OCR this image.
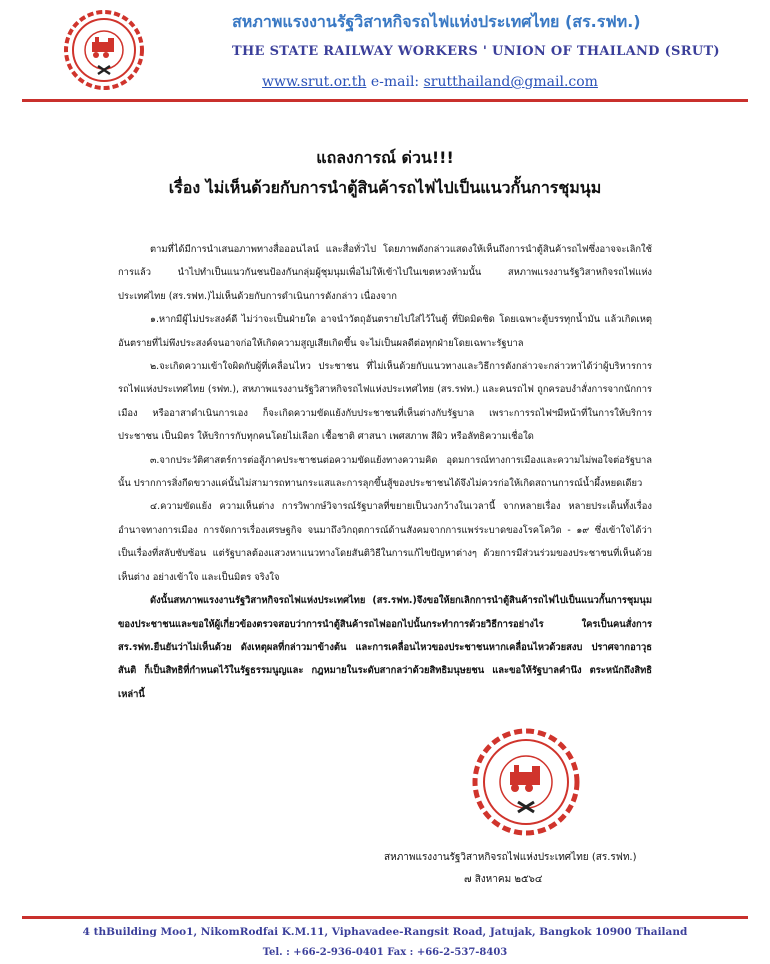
สหภาพแรงงานรัฐวิสาหกิจรถไฟแห่งประเทศไทย (สร.รฟท.)
THE STATE RAILWAY WORKERS ' UNION OF THAILAND (SRUT)
www.srut.or.th e-mail: srutthailand@gmail.com
แถลงการณ์ ด่วน!!!
เรื่อง ไม่เห็นด้วยกับการนำตู้สินค้ารถไฟไปเป็นแนวกั้นการชุมนุม

ตามที่ได้มีการนำเสนอภาพทางสื่อออนไลน์ และสื่อทั่วไป โดยภาพดังกล่าวแสดงให้เห็นถึงการนำตู้สินค้ารถไฟซึ่งอาจจะเลิกใช้การแล้ว นำไปทำเป็นแนวกันชนป้องกันกลุ่มผู้ชุมนุมเพื่อไม่ให้เข้าไปในเขตหวงห้ามนั้น สหภาพแรงงานรัฐวิสาหกิจรถไฟแห่งประเทศไทย (สร.รฟท.)ไม่เห็นด้วยกับการดำเนินการดังกล่าว เนื่องจาก

๑.หากมีผู้ไม่ประสงค์ดี ไม่ว่าจะเป็นฝ่ายใด อาจนำวัตถุอันตรายไปใส่ไว้ในตู้ ที่ปิดมิดชิด โดยเฉพาะตู้บรรทุกน้ำมัน แล้วเกิดเหตุอันตรายที่ไม่พึงประสงค์จนอาจก่อให้เกิดความสูญเสียเกิดขึ้น จะไม่เป็นผลดีต่อทุกฝ่ายโดยเฉพาะรัฐบาล

๒.จะเกิดความเข้าใจผิดกับผู้ที่เคลื่อนไหว ประชาชน ที่ไม่เห็นด้วยกับแนวทางและวิธีการดังกล่าวจะกล่าวหาได้ว่าผู้บริหารการรถไฟแห่งประเทศไทย (รฟท.), สหภาพแรงงานรัฐวิสาหกิจรถไฟแห่งประเทศไทย (สร.รฟท.) และคนรถไฟ ถูกครอบงำสั่งการจากนักการเมือง หรืออาสาดำเนินการเอง ก็จะเกิดความขัดแย้งกับประชาชนที่เห็นต่างกับรัฐบาล เพราะการรถไฟฯมีหน้าที่ในการให้บริการประชาชน เป็นมิตร ให้บริการกับทุกคนโดยไม่เลือก เชื้อชาติ ศาสนา เพศสภาพ สีผิว หรือลัทธิความเชื่อใด

๓.จากประวัติศาสตร์การต่อสู้ภาคประชาชนต่อความขัดแย้งทางความคิด อุดมการณ์ทางการเมืองและความไม่พอใจต่อรัฐบาลนั้น ปรากการสิ่งกีดขวางแค่นั้นไม่สามารถทานกระแสและการลุกขึ้นสู้ของประชาชนได้จึงไม่ควรก่อให้เกิดสถานการณ์น้ำผึ้งหยดเดียว

๔.ความขัดแย้ง ความเห็นต่าง การวิพากษ์วิจารณ์รัฐบาลที่ขยายเป็นวงกว้างในเวลานี้ จากหลายเรื่อง หลายประเด็นทั้งเรื่องอำนาจทางการเมือง การจัดการเรื่องเศรษฐกิจ จนมาถึงวิกฤตการณ์ด้านสังคมจากการแพร่ระบาดของโรคโควิด - ๑๙ ซึ่งเข้าใจได้ว่าเป็นเรื่องที่สลับซับซ้อน แต่รัฐบาลต้องแสวงหาแนวทางโดยสันติวิธีในการแก้ไขปัญหาต่างๆ ด้วยการมีส่วนร่วมของประชาชนที่เห็นด้วย เห็นต่าง อย่างเข้าใจ และเป็นมิตร จริงใจ

ดังนั้นสหภาพแรงงานรัฐวิสาหกิจรถไฟแห่งประเทศไทย (สร.รฟท.)จึงขอให้ยกเลิกการนำตู้สินค้ารถไฟไปเป็นแนวกั้นการชุมนุมของประชาชนและขอให้ผู้เกี่ยวข้องตรวจสอบว่าการนำตู้สินค้ารถไฟออกไปนั้นกระทำการด้วยวิธีการอย่างไร ใครเป็นคนสั่งการ สร.รฟท.ยืนยันว่าไม่เห็นด้วย ดังเหตุผลที่กล่าวมาข้างต้น และการเคลื่อนไหวของประชาชนหากเคลื่อนไหวด้วยสงบ ปราศจากอาวุธ สันติ ก็เป็นสิทธิที่กำหนดไว้ในรัฐธรรมนูญและ กฎหมายในระดับสากลว่าด้วยสิทธิมนุษยชน และขอให้รัฐบาลคำนึง ตระหนักถึงสิทธิเหล่านี้

สหภาพแรงงานรัฐวิสาหกิจรถไฟแห่งประเทศไทย (สร.รฟท.)
๗ สิงหาคม ๒๕๖๔
4 thBuilding Moo1, NikomRodfai K.M.11, Viphavadee-Rangsit Road, Jatujak, Bangkok 10900 Thailand
Tel. : +66-2-936-0401 Fax : +66-2-537-8403
